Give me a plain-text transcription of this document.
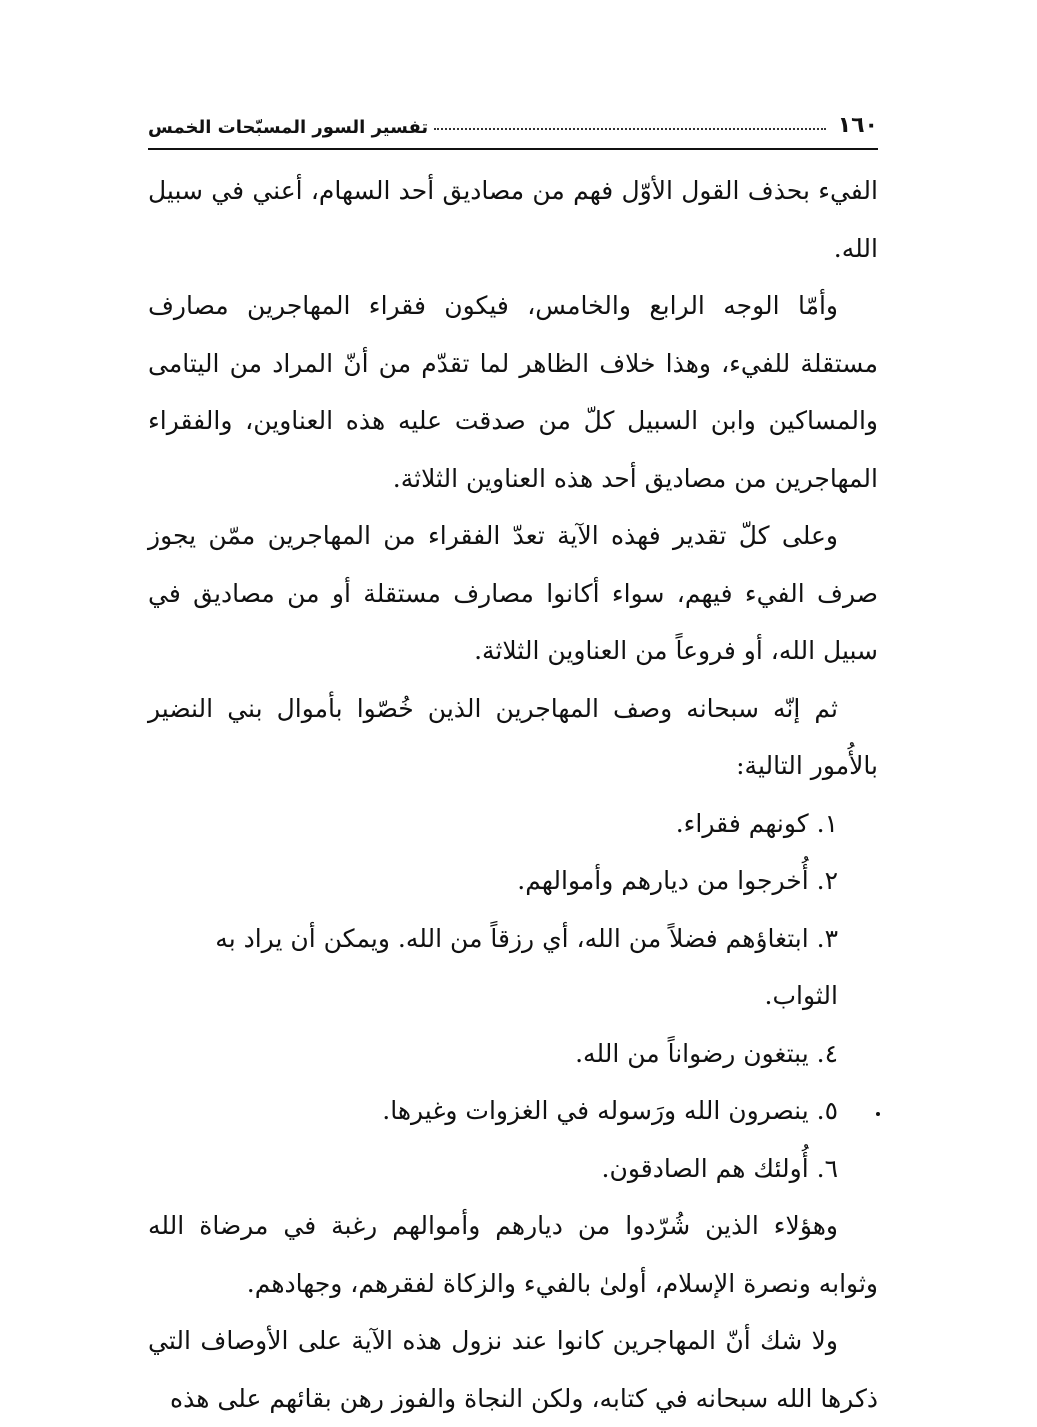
١٦٠
تفسير السور المسبّحات الخمس

الفيء بحذف القول الأوّل فهم من مصاديق أحد السهام، أعني في سبيل الله.

وأمّا الوجه الرابع والخامس، فيكون فقراء المهاجرين مصارف مستقلة للفيء، وهذا خلاف الظاهر لما تقدّم من أنّ المراد من اليتامى والمساكين وابن السبيل كلّ من صدقت عليه هذه العناوين، والفقراء المهاجرين من مصاديق أحد هذه العناوين الثلاثة.

وعلى كلّ تقدير فهذه الآية تعدّ الفقراء من المهاجرين ممّن يجوز صرف الفيء فيهم، سواء أكانوا مصارف مستقلة أو من مصاديق في سبيل الله، أو فروعاً من العناوين الثلاثة.

ثم إنّه سبحانه وصف المهاجرين الذين خُصّوا بأموال بني النضير بالأُمور التالية:

١. كونهم فقراء.
٢. أُخرجوا من ديارهم وأموالهم.
٣. ابتغاؤهم فضلاً من الله، أي رزقاً من الله. ويمكن أن يراد به الثواب.
٤. يبتغون رضواناً من الله.
٥. ينصرون الله ورَسوله في الغزوات وغيرها.
٦. أُولئك هم الصادقون.

وهؤلاء الذين شُرّدوا من ديارهم وأموالهم رغبة في مرضاة الله وثوابه ونصرة الإسلام، أولىٰ بالفيء والزكاة لفقرهم، وجهادهم.

ولا شك أنّ المهاجرين كانوا عند نزول هذه الآية على الأوصاف التي ذكرها الله سبحانه في كتابه، ولكن النجاة والفوز رهن بقائهم على هذه
